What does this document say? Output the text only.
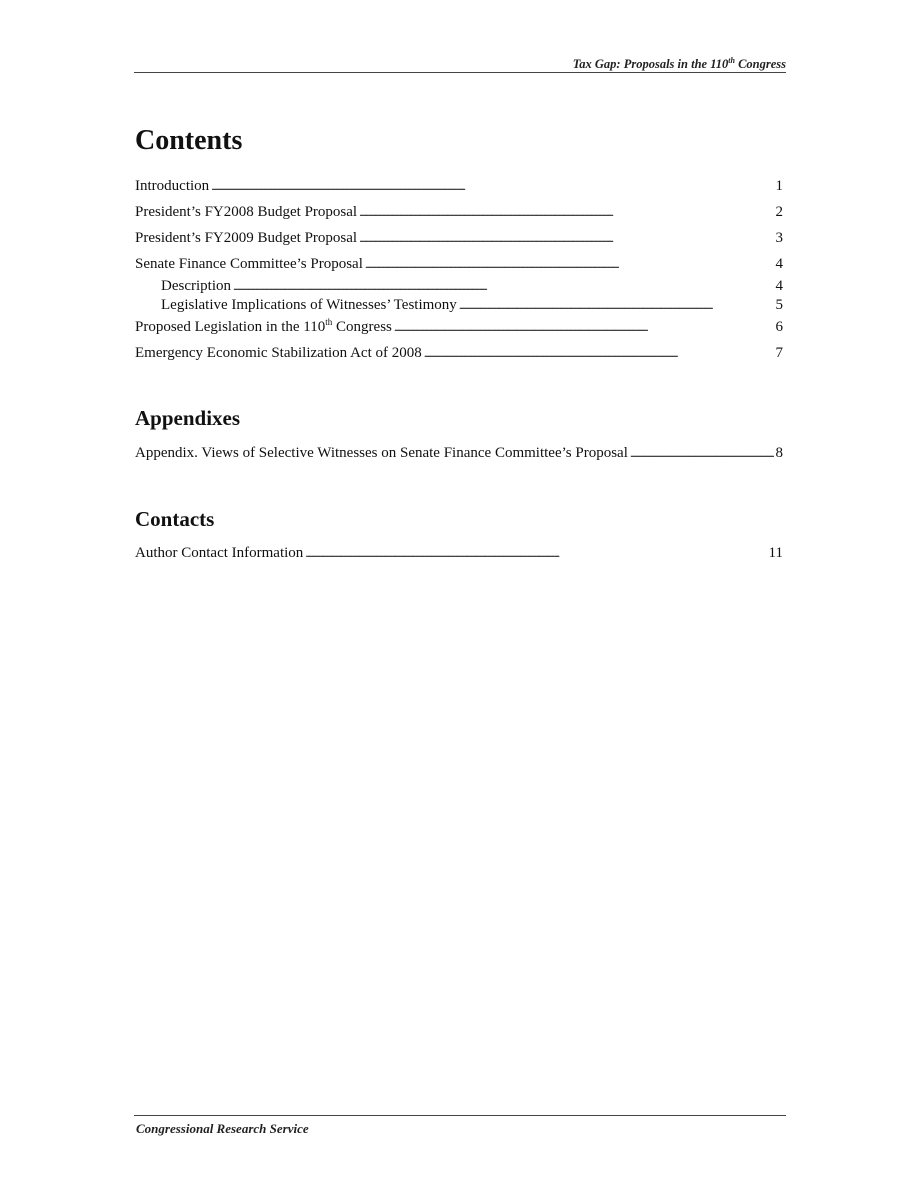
Tax Gap: Proposals in the 110th Congress
Contents
Introduction . . .	1
President’s FY2008 Budget Proposal . . .	2
President’s FY2009 Budget Proposal . . .	3
Senate Finance Committee’s Proposal . . .	4
Description . . .	4
Legislative Implications of Witnesses’ Testimony . . .	5
Proposed Legislation in the 110th Congress . . .	6
Emergency Economic Stabilization Act of 2008 . . .	7
Appendixes
Appendix. Views of Selective Witnesses on Senate Finance Committee’s Proposal . . .	8
Contacts
Author Contact Information . . .	11
Congressional Research Service
